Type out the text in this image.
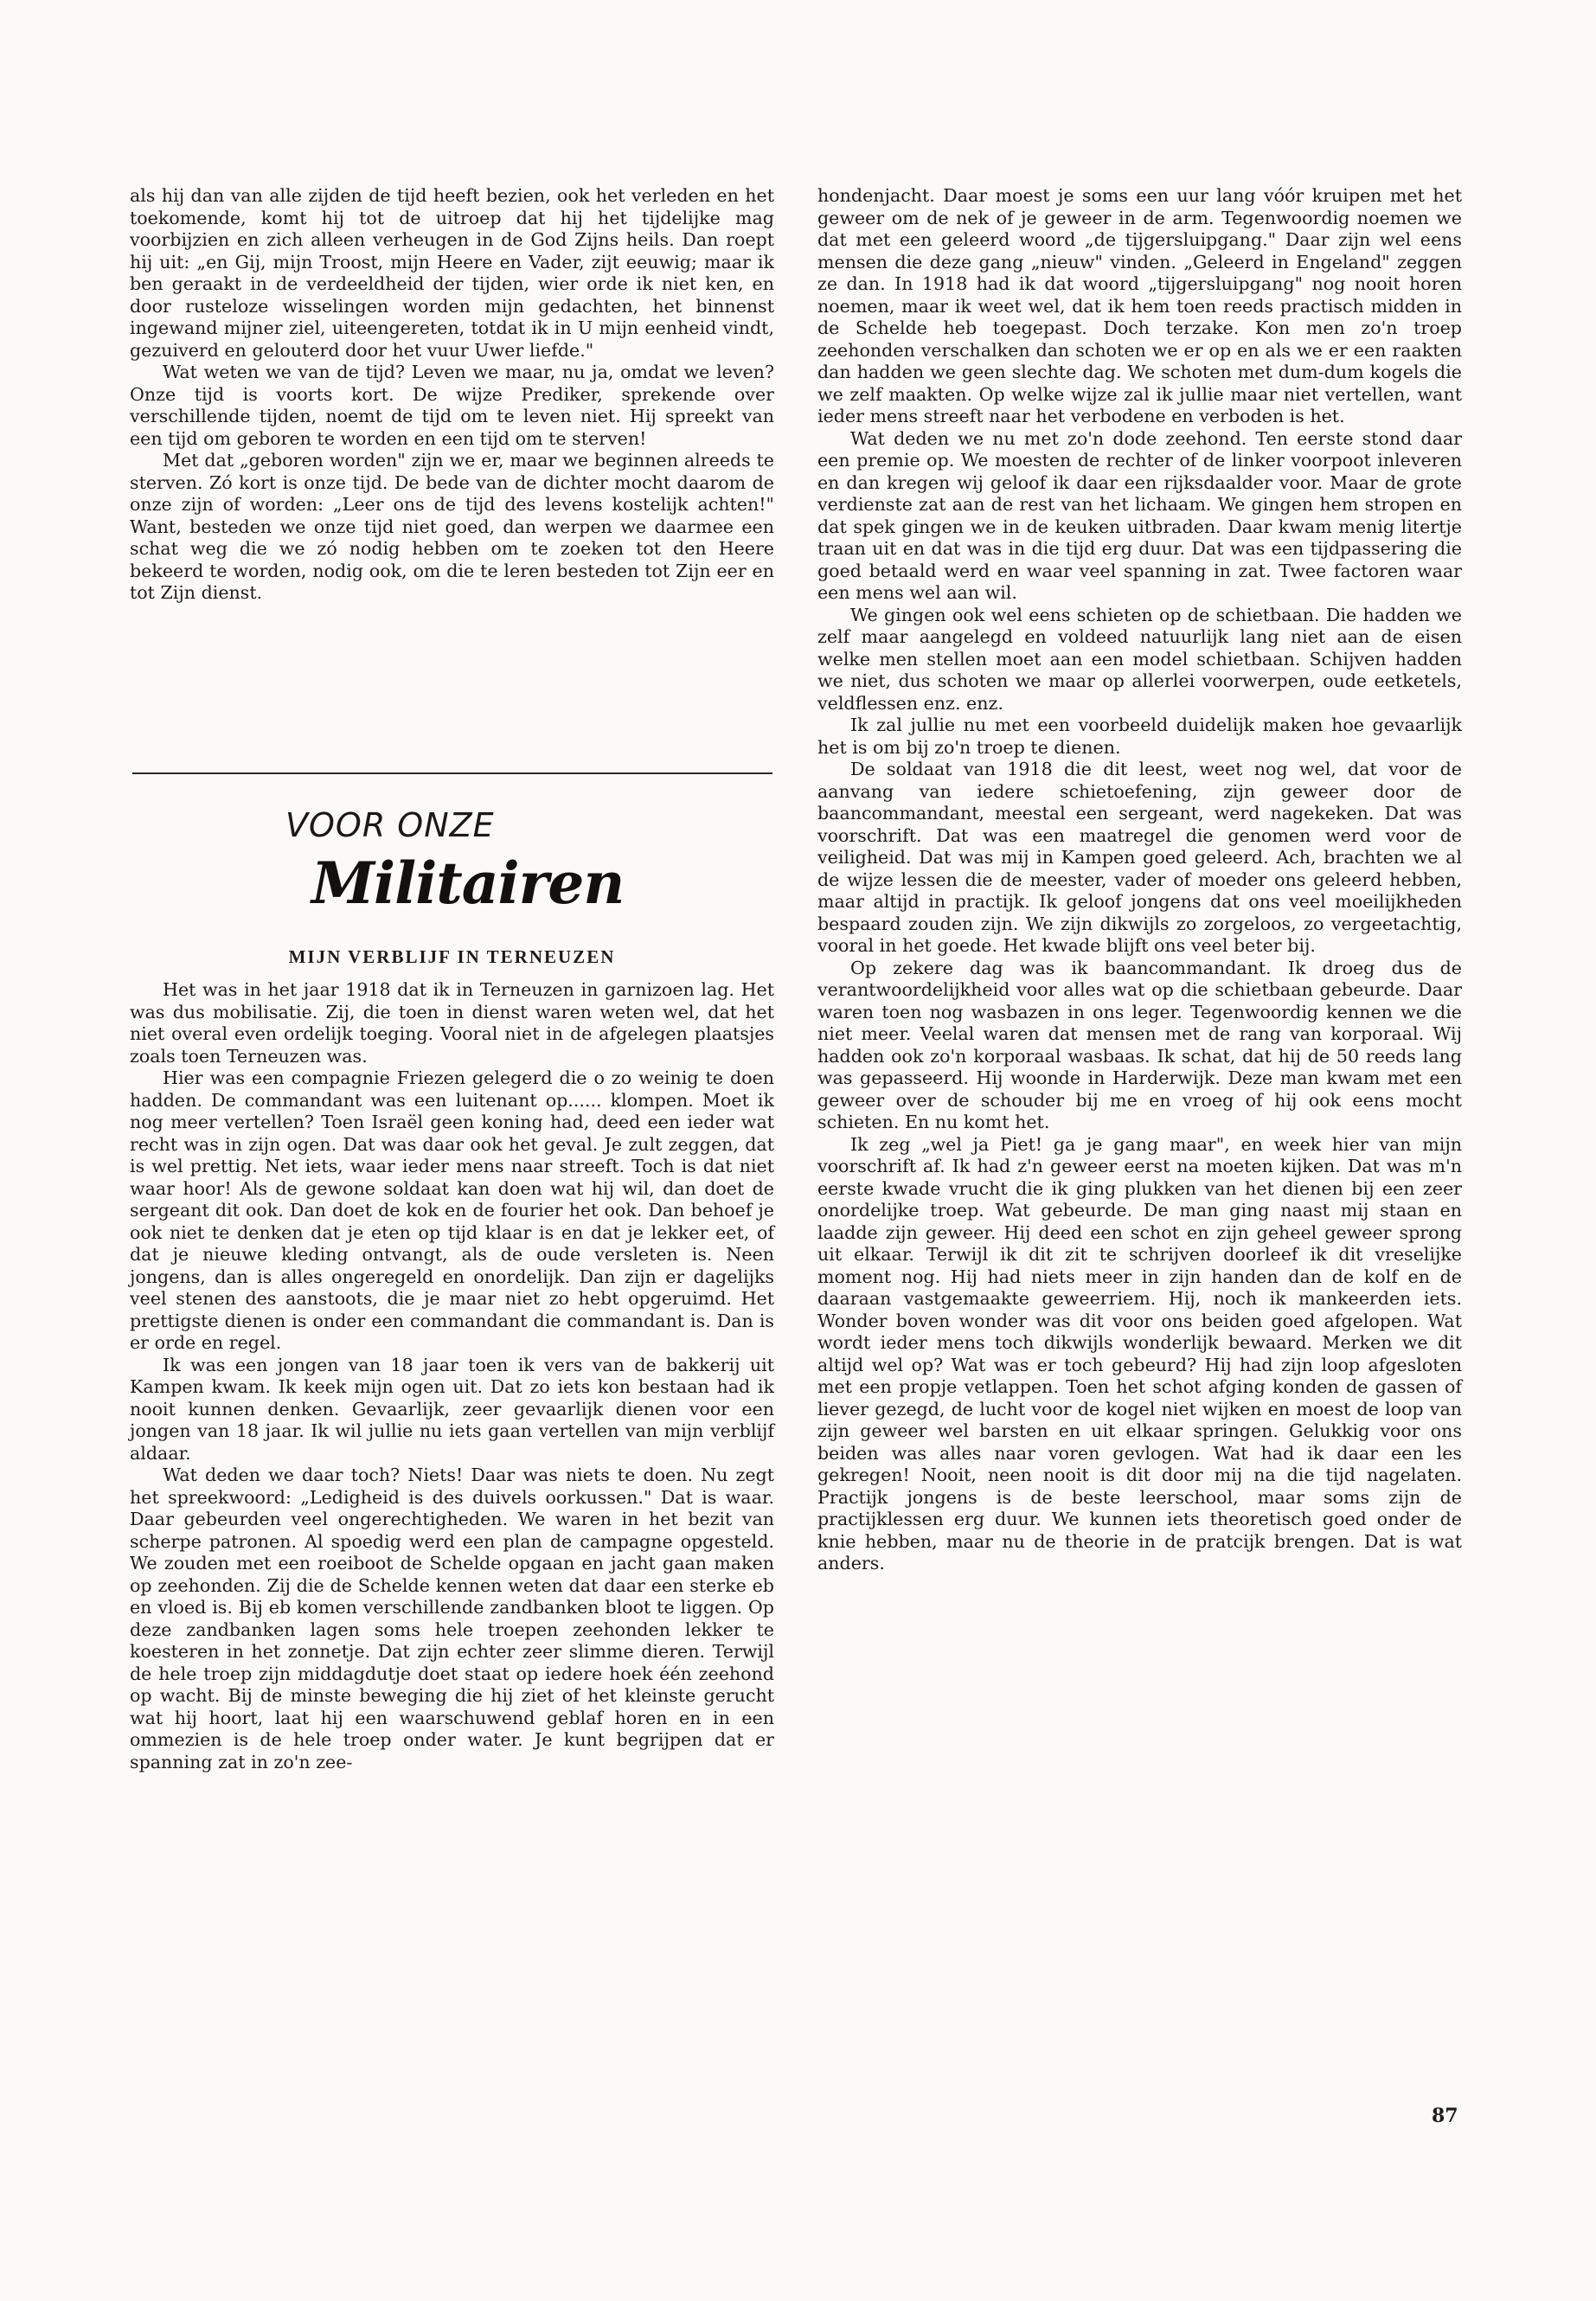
als hij dan van alle zijden de tijd heeft bezien, ook het verleden en het toekomende, komt hij tot de uitroep dat hij het tijdelijke mag voorbijzien en zich alleen verheugen in de God Zijns heils. Dan roept hij uit: „en Gij, mijn Troost, mijn Heere en Vader, zijt eeuwig; maar ik ben geraakt in de verdeeldheid der tijden, wier orde ik niet ken, en door rusteloze wisselingen worden mijn gedachten, het binnenst ingewand mijner ziel, uiteengereten, totdat ik in U mijn eenheid vindt, gezuiverd en gelouterd door het vuur Uwer liefde."

Wat weten we van de tijd? Leven we maar, nu ja, omdat we leven? Onze tijd is voorts kort. De wijze Prediker, sprekende over verschillende tijden, noemt de tijd om te leven niet. Hij spreekt van een tijd om geboren te worden en een tijd om te sterven!

Met dat „geboren worden" zijn we er, maar we beginnen alreeds te sterven. Zó kort is onze tijd. De bede van de dichter mocht daarom de onze zijn of worden: „Leer ons de tijd des levens kostelijk achten!" Want, besteden we onze tijd niet goed, dan werpen we daarmee een schat weg die we zó nodig hebben om te zoeken tot den Heere bekeerd te worden, nodig ook, om die te leren besteden tot Zijn eer en tot Zijn dienst.

VOOR ONZE
Militairen
MIJN VERBLIJF IN TERNEUZEN

Het was in het jaar 1918 dat ik in Terneuzen in garnizoen lag. Het was dus mobilisatie. Zij, die toen in dienst waren weten wel, dat het niet overal even ordelijk toeging. Vooral niet in de afgelegen plaatsjes zoals toen Terneuzen was.

Hier was een compagnie Friezen gelegerd die o zo weinig te doen hadden. De commandant was een luitenant op...... klompen. Moet ik nog meer vertellen? Toen Israël geen koning had, deed een ieder wat recht was in zijn ogen. Dat was daar ook het geval. Je zult zeggen, dat is wel prettig. Net iets, waar ieder mens naar streeft. Toch is dat niet waar hoor! Als de gewone soldaat kan doen wat hij wil, dan doet de sergeant dit ook. Dan doet de kok en de fourier het ook. Dan behoef je ook niet te denken dat je eten op tijd klaar is en dat je lekker eet, of dat je nieuwe kleding ontvangt, als de oude versleten is. Neen jongens, dan is alles ongeregeld en onordelijk. Dan zijn er dagelijks veel stenen des aanstoots, die je maar niet zo hebt opgeruimd. Het prettigste dienen is onder een commandant die commandant is. Dan is er orde en regel.

Ik was een jongen van 18 jaar toen ik vers van de bakkerij uit Kampen kwam. Ik keek mijn ogen uit. Dat zo iets kon bestaan had ik nooit kunnen denken. Gevaarlijk, zeer gevaarlijk dienen voor een jongen van 18 jaar. Ik wil jullie nu iets gaan vertellen van mijn verblijf aldaar.

Wat deden we daar toch? Niets! Daar was niets te doen. Nu zegt het spreekwoord: „Ledigheid is des duivels oorkussen." Dat is waar. Daar gebeurden veel ongerechtigheden. We waren in het bezit van scherpe patronen. Al spoedig werd een plan de campagne opgesteld. We zouden met een roeiboot de Schelde opgaan en jacht gaan maken op zeehonden. Zij die de Schelde kennen weten dat daar een sterke eb en vloed is. Bij eb komen verschillende zandbanken bloot te liggen. Op deze zandbanken lagen soms hele troepen zeehonden lekker te koesteren in het zonnetje. Dat zijn echter zeer slimme dieren. Terwijl de hele troep zijn middagdutje doet staat op iedere hoek één zeehond op wacht. Bij de minste beweging die hij ziet of het kleinste gerucht wat hij hoort, laat hij een waarschuwend geblaf horen en in een ommezien is de hele troep onder water. Je kunt begrijpen dat er spanning zat in zo'n zee-

hondenjacht. Daar moest je soms een uur lang vóór kruipen met het geweer om de nek of je geweer in de arm. Tegenwoordig noemen we dat met een geleerd woord „de tijgersluipgang." Daar zijn wel eens mensen die deze gang „nieuw" vinden. „Geleerd in Engeland" zeggen ze dan. In 1918 had ik dat woord „tijgersluipgang" nog nooit horen noemen, maar ik weet wel, dat ik hem toen reeds practisch midden in de Schelde heb toegepast. Doch terzake. Kon men zo'n troep zeehonden verschalken dan schoten we er op en als we er een raakten dan hadden we geen slechte dag. We schoten met dum-dum kogels die we zelf maakten. Op welke wijze zal ik jullie maar niet vertellen, want ieder mens streeft naar het verbodene en verboden is het.

Wat deden we nu met zo'n dode zeehond. Ten eerste stond daar een premie op. We moesten de rechter of de linker voorpoot inleveren en dan kregen wij geloof ik daar een rijksdaalder voor. Maar de grote verdienste zat aan de rest van het lichaam. We gingen hem stropen en dat spek gingen we in de keuken uitbraden. Daar kwam menig litertje traan uit en dat was in die tijd erg duur. Dat was een tijdpassering die goed betaald werd en waar veel spanning in zat. Twee factoren waar een mens wel aan wil.

We gingen ook wel eens schieten op de schietbaan. Die hadden we zelf maar aangelegd en voldeed natuurlijk lang niet aan de eisen welke men stellen moet aan een model schietbaan. Schijven hadden we niet, dus schoten we maar op allerlei voorwerpen, oude eetketels, veldflessen enz. enz.

Ik zal jullie nu met een voorbeeld duidelijk maken hoe gevaarlijk het is om bij zo'n troep te dienen.

De soldaat van 1918 die dit leest, weet nog wel, dat voor de aanvang van iedere schietoefening, zijn geweer door de baancommandant, meestal een sergeant, werd nagekeken. Dat was voorschrift. Dat was een maatregel die genomen werd voor de veiligheid. Dat was mij in Kampen goed geleerd. Ach, brachten we al de wijze lessen die de meester, vader of moeder ons geleerd hebben, maar altijd in practijk. Ik geloof jongens dat ons veel moeilijkheden bespaard zouden zijn. We zijn dikwijls zo zorgeloos, zo vergeetachtig, vooral in het goede. Het kwade blijft ons veel beter bij.

Op zekere dag was ik baancommandant. Ik droeg dus de verantwoordelijkheid voor alles wat op die schietbaan gebeurde. Daar waren toen nog wasbazen in ons leger. Tegenwoordig kennen we die niet meer. Veelal waren dat mensen met de rang van korporaal. Wij hadden ook zo'n korporaal wasbaas. Ik schat, dat hij de 50 reeds lang was gepasseerd. Hij woonde in Harderwijk. Deze man kwam met een geweer over de schouder bij me en vroeg of hij ook eens mocht schieten. En nu komt het.

Ik zeg „wel ja Piet! ga je gang maar", en week hier van mijn voorschrift af. Ik had z'n geweer eerst na moeten kijken. Dat was m'n eerste kwade vrucht die ik ging plukken van het dienen bij een zeer onordelijke troep. Wat gebeurde. De man ging naast mij staan en laadde zijn geweer. Hij deed een schot en zijn geheel geweer sprong uit elkaar. Terwijl ik dit zit te schrijven doorleef ik dit vreselijke moment nog. Hij had niets meer in zijn handen dan de kolf en de daaraan vastgemaakte geweerriem. Hij, noch ik mankeerden iets. Wonder boven wonder was dit voor ons beiden goed afgelopen. Wat wordt ieder mens toch dikwijls wonderlijk bewaard. Merken we dit altijd wel op? Wat was er toch gebeurd? Hij had zijn loop afgesloten met een propje vetlappen. Toen het schot afging konden de gassen of liever gezegd, de lucht voor de kogel niet wijken en moest de loop van zijn geweer wel barsten en uit elkaar springen. Gelukkig voor ons beiden was alles naar voren gevlogen. Wat had ik daar een les gekregen! Nooit, neen nooit is dit door mij na die tijd nagelaten. Practijk jongens is de beste leerschool, maar soms zijn de practijklessen erg duur. We kunnen iets theoretisch goed onder de knie hebben, maar nu de theorie in de pratcijk brengen. Dat is wat anders.

87
